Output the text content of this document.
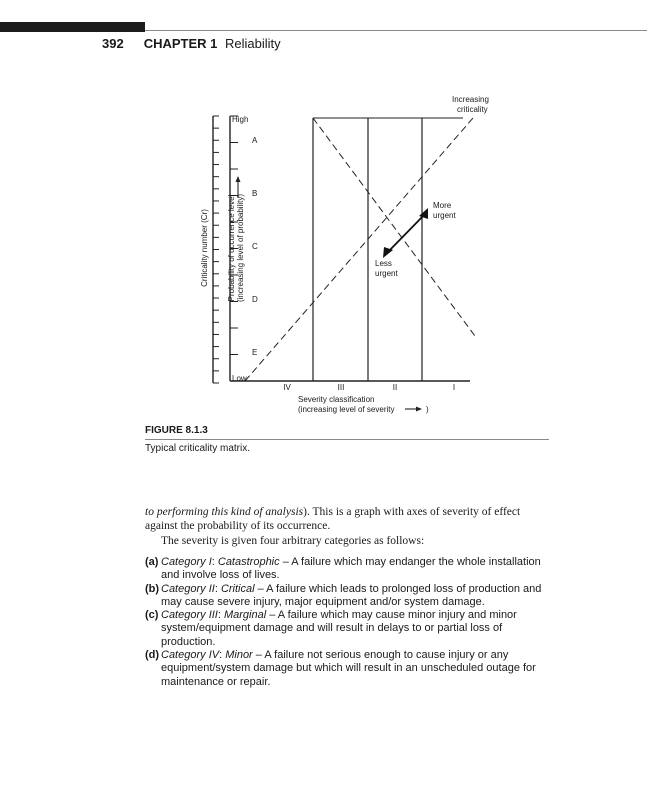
392 CHAPTER 1 Reliability
Increasing
criticality
More
urgent
Less
urgent
High
Low
A
B
C
D
E
Criticality number (Cr) Probability of occurrence level (increasing level of probability)
IV	III	II	I
Severity classification
(increasing level of severity	)
FIGURE 8.1.3
Typical criticality matrix.
to performing this kind of analysis). This is a graph with axes of severity of effect against the probability of its occurrence.
The severity is given four arbitrary categories as follows:
(a) Category I: Catastrophic – A failure which may endanger the whole installation and involve loss of lives.
(b) Category II: Critical – A failure which leads to prolonged loss of production and may cause severe injury, major equipment and/or system damage.
(c) Category III: Marginal – A failure which may cause minor injury and minor system/equipment damage and will result in delays to or partial loss of production.
(d) Category IV: Minor – A failure not serious enough to cause injury or any equipment/system damage but which will result in an unscheduled outage for maintenance or repair.
